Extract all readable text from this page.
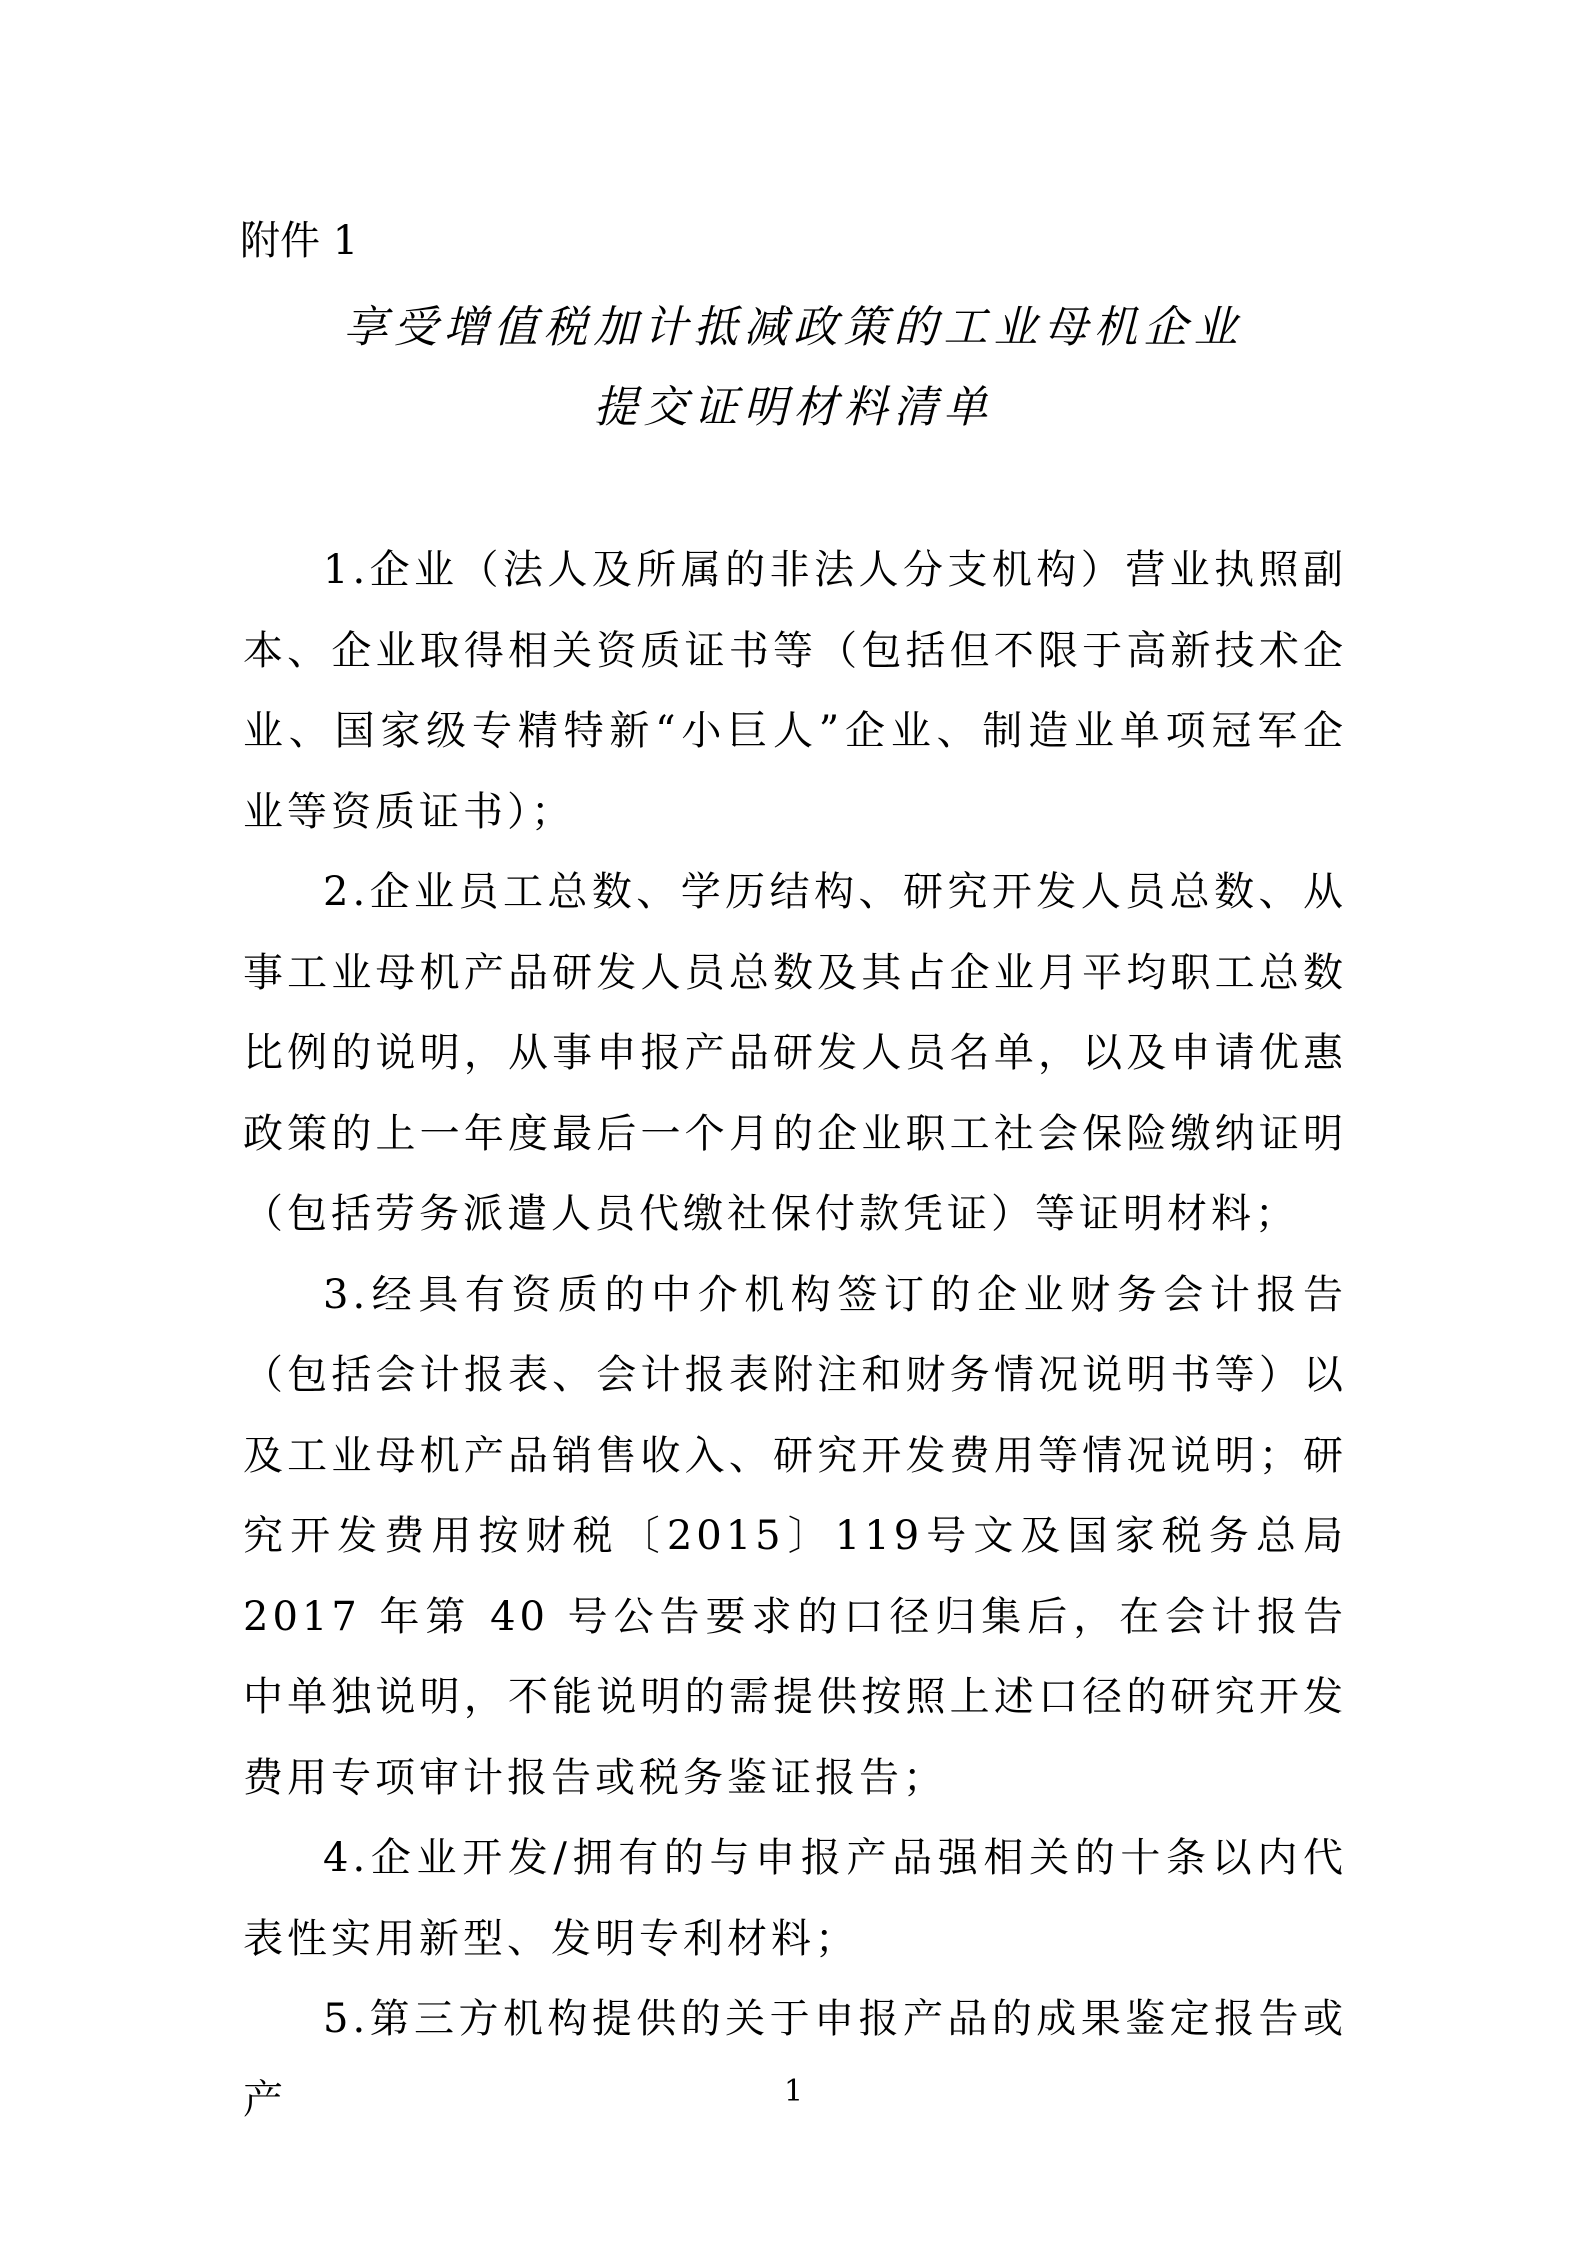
附件 1
享受增值税加计抵减政策的工业母机企业
提交证明材料清单

1.企业（法人及所属的非法人分支机构）营业执照副本、企业取得相关资质证书等（包括但不限于高新技术企业、国家级专精特新“小巨人”企业、制造业单项冠军企业等资质证书）；

2.企业员工总数、学历结构、研究开发人员总数、从事工业母机产品研发人员总数及其占企业月平均职工总数比例的说明，从事申报产品研发人员名单，以及申请优惠政策的上一年度最后一个月的企业职工社会保险缴纳证明（包括劳务派遣人员代缴社保付款凭证）等证明材料；

3.经具有资质的中介机构签订的企业财务会计报告（包括会计报表、会计报表附注和财务情况说明书等）以及工业母机产品销售收入、研究开发费用等情况说明；研究开发费用按财税〔2015〕119号文及国家税务总局 2017 年第 40 号公告要求的口径归集后，在会计报告中单独说明，不能说明的需提供按照上述口径的研究开发费用专项审计报告或税务鉴证报告；

4.企业开发/拥有的与申报产品强相关的十条以内代表性实用新型、发明专利材料；

5.第三方机构提供的关于申报产品的成果鉴定报告或产	1
